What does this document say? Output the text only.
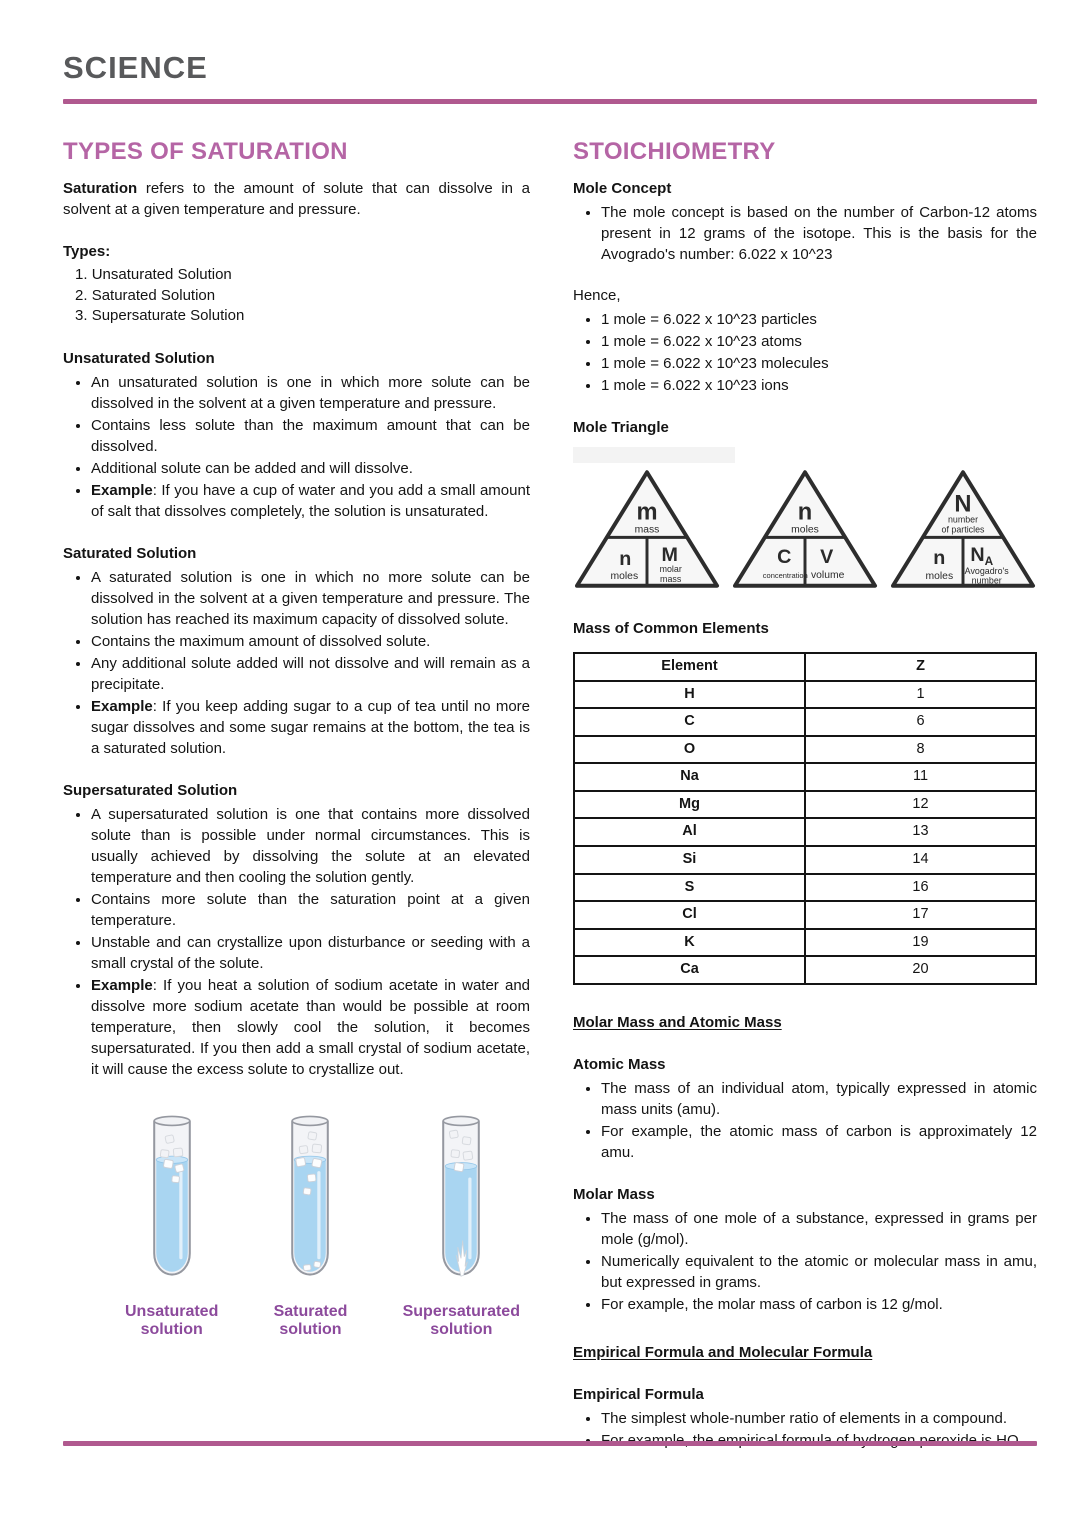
SCIENCE
TYPES OF SATURATION

Saturation refers to the amount of solute that can dissolve in a solvent at a given temperature and pressure.

Types:

1. Unsaturated Solution
2. Saturated Solution
3. Supersaturate Solution

Unsaturated Solution

• An unsaturated solution is one in which more solute can be dissolved in the solvent at a given temperature and pressure.
• Contains less solute than the maximum amount that can be dissolved.
• Additional solute can be added and will dissolve.
• Example: If you have a cup of water and you add a small amount of salt that dissolves completely, the solution is unsaturated.

Saturated Solution

• A saturated solution is one in which no more solute can be dissolved in the solvent at a given temperature and pressure. The solution has reached its maximum capacity of dissolved solute.
• Contains the maximum amount of dissolved solute.
• Any additional solute added will not dissolve and will remain as a precipitate.
• Example: If you keep adding sugar to a cup of tea until no more sugar dissolves and some sugar remains at the bottom, the tea is a saturated solution.

Supersaturated Solution

• A supersaturated solution is one that contains more dissolved solute than is possible under normal circumstances. This is usually achieved by dissolving the solute at an elevated temperature and then cooling the solution gently.
• Contains more solute than the saturation point at a given temperature.
• Unstable and can crystallize upon disturbance or seeding with a small crystal of the solute.
• Example: If you heat a solution of sodium acetate in water and dissolve more sodium acetate than would be possible at room temperature, then slowly cool the solution, it becomes supersaturated. If you then add a small crystal of sodium acetate, it will cause the excess solute to crystallize out.
Unsaturated
solution
Saturated
solution
Supersaturated
solution
STOICHIOMETRY

Mole Concept

• The mole concept is based on the number of Carbon-12 atoms present in 12 grams of the isotope. This is the basis for the Avogrado's number: 6.022 x 10^23

Hence,

• 1 mole = 6.022 x 10^23 particles
• 1 mole = 6.022 x 10^23 atoms
• 1 mole = 6.022 x 10^23 molecules
• 1 mole = 6.022 x 10^23 ions

Mole Triangle

m
mass
n
moles
M
molar
mass
n
moles
C
concentration
V
volume
N
number
of particles
n
moles
$N_A$
Avogadro's
number

Mass of Common Elements

Element	Z
H	1
C	6
O	8
Na	11
Mg	12
Al	13
Si	14
S	16
Cl	17
K	19
Ca	20

Molar Mass and Atomic Mass

Atomic Mass

• The mass of an individual atom, typically expressed in atomic mass units (amu).
• For example, the atomic mass of carbon is approximately 12 amu.

Molar Mass

• The mass of one mole of a substance, expressed in grams per mole (g/mol).
• Numerically equivalent to the atomic or molecular mass in amu, but expressed in grams.
• For example, the molar mass of carbon is 12 g/mol.

Empirical Formula and Molecular Formula

Empirical Formula

• The simplest whole-number ratio of elements in a compound.
•
